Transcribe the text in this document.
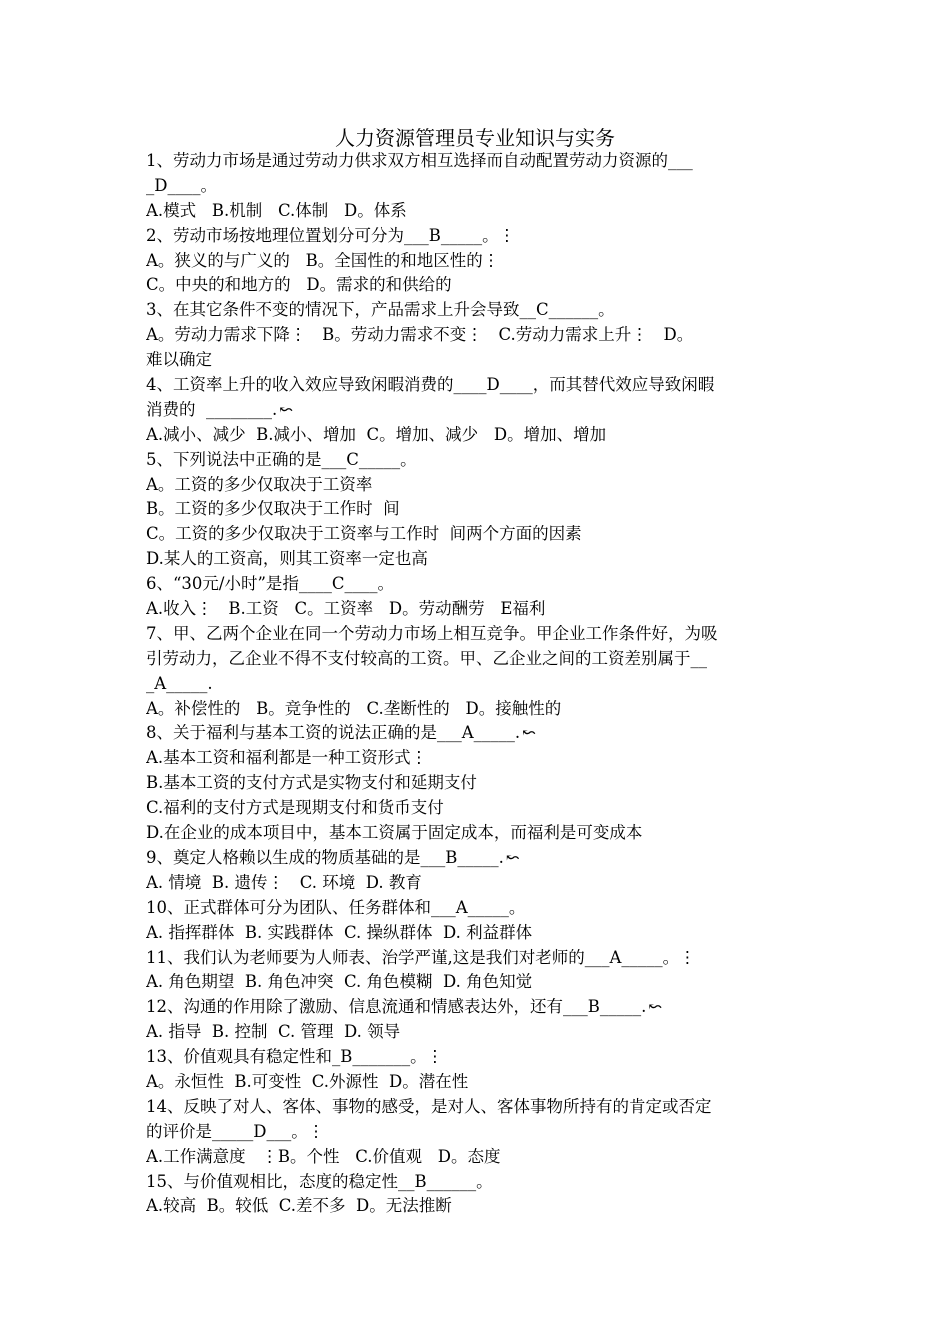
人力资源管理员专业知识与实务
1、劳动力市场是通过劳动力供求双方相互选择而自动配置劳动力资源的___
_D____。
A.模式   B.机制   C.体制   D。体系
2、劳动市场按地理位置划分可分为___B_____。⋮
A。狭义的与广义的   B。全国性的和地区性的⋮
C。中央的和地方的   D。需求的和供给的
3、在其它条件不变的情况下，产品需求上升会导致__C______。
A。劳动力需求下降⋮   B。劳动力需求不变⋮   C.劳动力需求上升⋮   D。
难以确定
4、工资率上升的收入效应导致闲暇消费的____D____，而其替代效应导致闲暇
消费的  ________. ↜
A.减小、减少  B.减小、增加  C。增加、减少   D。增加、增加
5、下列说法中正确的是___C_____。
A。工资的多少仅取决于工资率
B。工资的多少仅取决于工作时  间
C。工资的多少仅取决于工资率与工作时  间两个方面的因素
D.某人的工资高，则其工资率一定也高
6、“30元/小时”是指____C____。
A.收入⋮   B.工资   C。工资率   D。劳动酬劳   E福利
7、甲、乙两个企业在同一个劳动力市场上相互竞争。甲企业工作条件好，为吸
引劳动力，乙企业不得不支付较高的工资。甲、乙企业之间的工资差别属于__
_A_____.
A。补偿性的   B。竞争性的   C.垄断性的   D。接触性的
8、关于福利与基本工资的说法正确的是___A_____. ↜
A.基本工资和福利都是一种工资形式⋮
B.基本工资的支付方式是实物支付和延期支付
C.福利的支付方式是现期支付和货币支付
D.在企业的成本项目中，基本工资属于固定成本，而福利是可变成本
9、奠定人格赖以生成的物质基础的是___B_____. ↜
A. 情境  B. 遗传⋮   C. 环境  D. 教育
10、正式群体可分为团队、任务群体和___A_____。
A. 指挥群体  B. 实践群体  C. 操纵群体  D. 利益群体
11、我们认为老师要为人师表、治学严谨,这是我们对老师的___A_____。⋮
A. 角色期望  B. 角色冲突  C. 角色模糊  D. 角色知觉
12、沟通的作用除了激励、信息流通和情感表达外，还有___B_____. ↜
A. 指导  B. 控制  C. 管理  D. 领导
13、价值观具有稳定性和_B_______。⋮
A。永恒性  B.可变性  C.外源性  D。潜在性
14、反映了对人、客体、事物的感受，是对人、客体事物所持有的肯定或否定
的评价是_____D___。⋮
A.工作满意度   ⋮B。个性   C.价值观   D。态度
15、与价值观相比，态度的稳定性__B______。
A.较高  B。较低  C.差不多  D。无法推断
